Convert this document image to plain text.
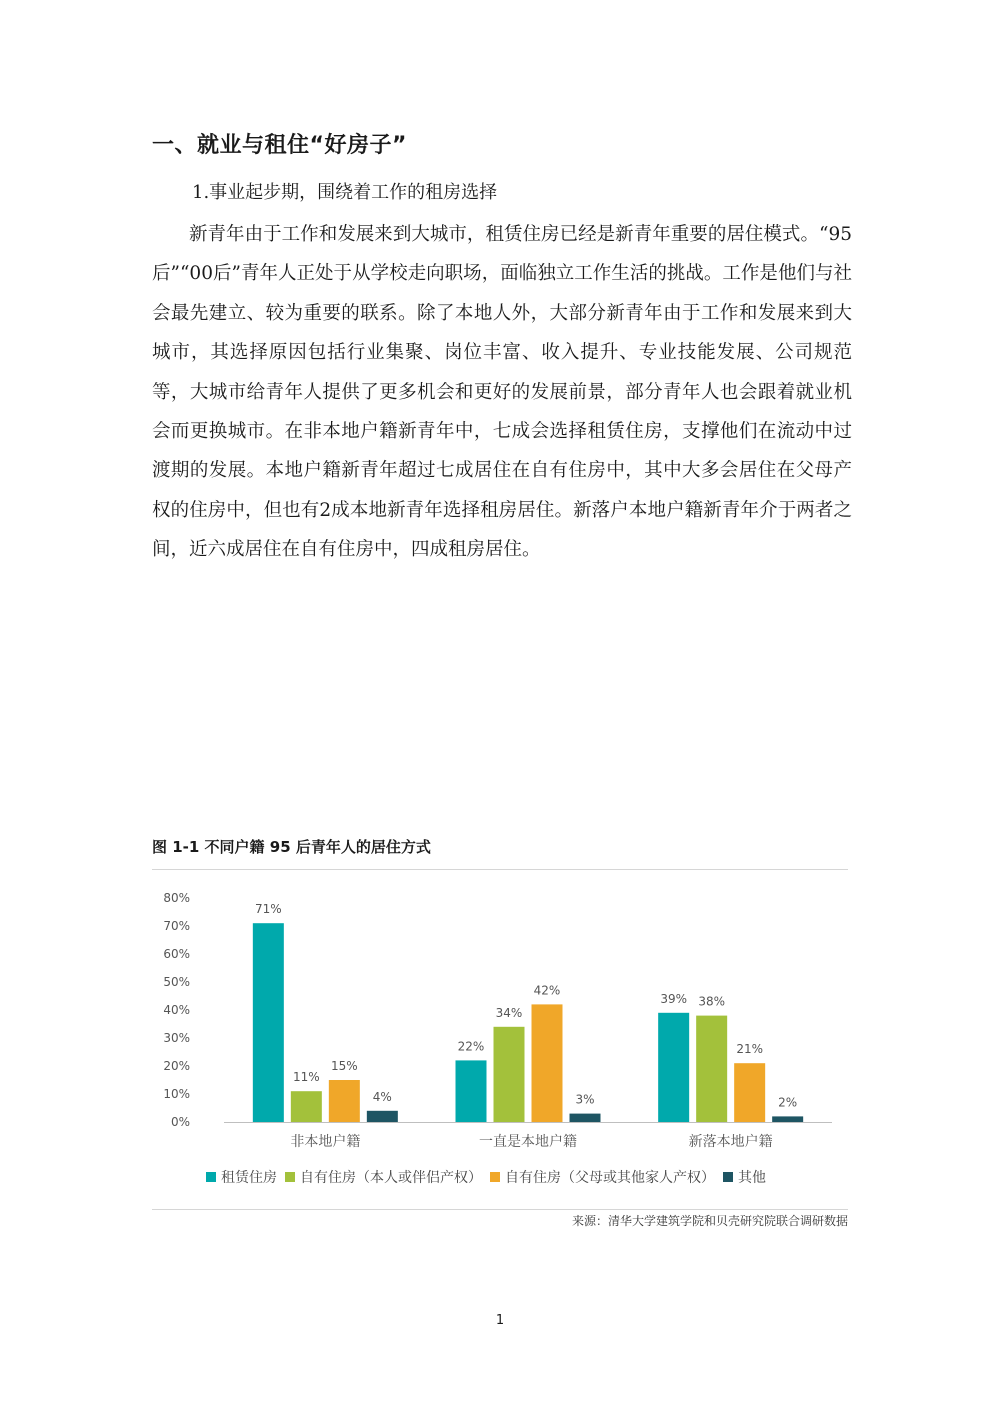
一、就业与租住“好房子”

1.事业起步期，围绕着工作的租房选择

新青年由于工作和发展来到大城市，租赁住房已经是新青年重要的居住模式。“95后”“00后”青年人正处于从学校走向职场，面临独立工作生活的挑战。工作是他们与社会最先建立、较为重要的联系。除了本地人外，大部分新青年由于工作和发展来到大城市，其选择原因包括行业集聚、岗位丰富、收入提升、专业技能发展、公司规范等，大城市给青年人提供了更多机会和更好的发展前景，部分青年人也会跟着就业机会而更换城市。在非本地户籍新青年中，七成会选择租赁住房，支撑他们在流动中过渡期的发展。本地户籍新青年超过七成居住在自有住房中，其中大多会居住在父母产权的住房中，但也有2成本地新青年选择租房居住。新落户本地户籍新青年介于两者之间，近六成居住在自有住房中，四成租房居住。

图 1-1 不同户籍 95 后青年人的居住方式

0%
10%
20%
30%
40%
50%
60%
70%
80%
71%
11%
15%
4%
非本地户籍
22%
34%
42%
3%
一直是本地户籍
39% 38%
21%
2%
新落本地户籍
租赁住房 自有住房（本人或伴侣产权） 自有住房（父母或其他家人产权） 其他

来源：清华大学建筑学院和贝壳研究院联合调研数据

1
